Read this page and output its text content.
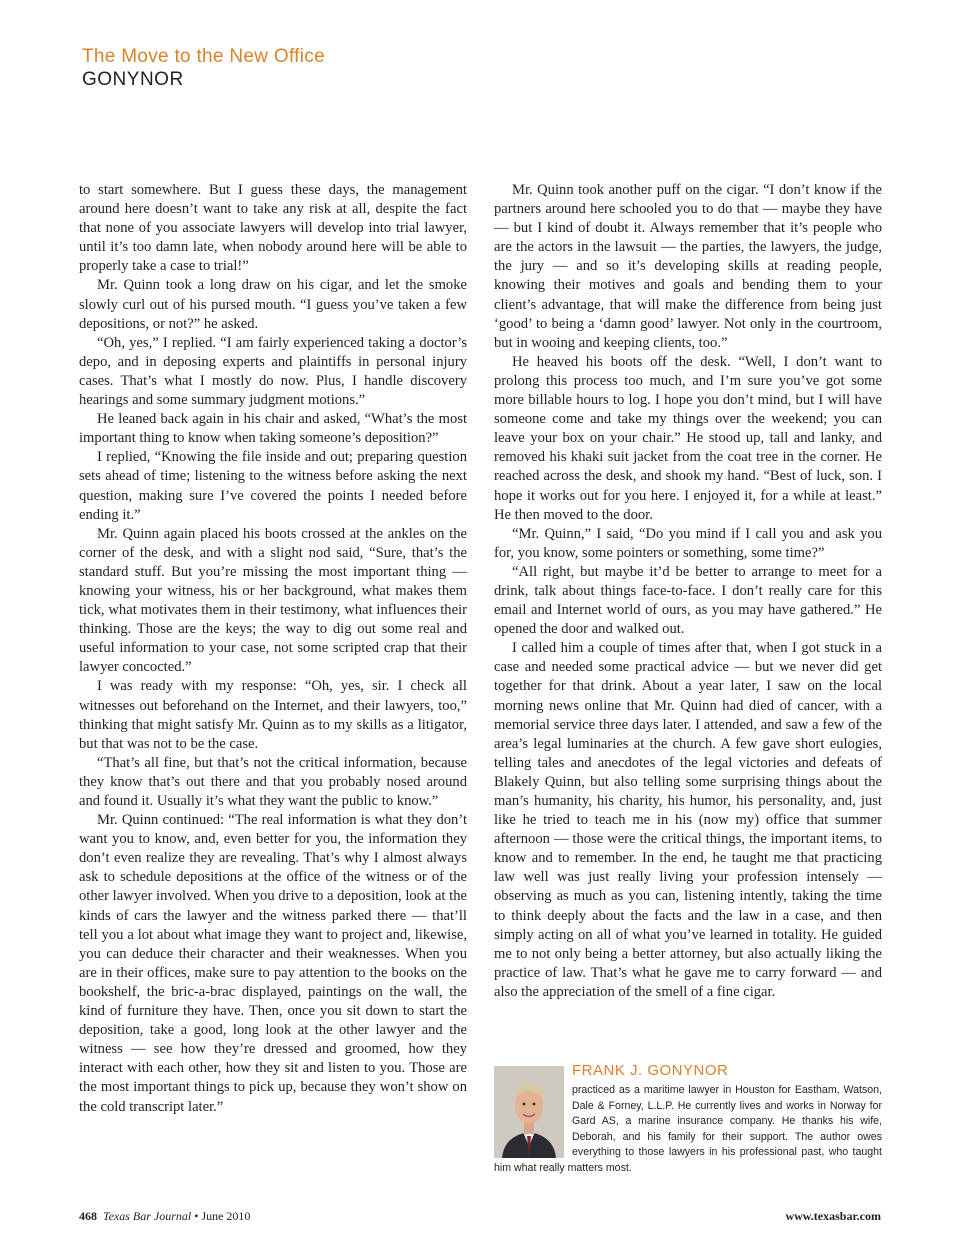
The Move to the New Office
GONYNOR

to start somewhere. But I guess these days, the management around here doesn’t want to take any risk at all, despite the fact that none of you associate lawyers will develop into trial lawyer, until it’s too damn late, when nobody around here will be able to properly take a case to trial!”

Mr. Quinn took a long draw on his cigar, and let the smoke slowly curl out of his pursed mouth. “I guess you’ve taken a few depositions, or not?” he asked.

“Oh, yes,” I replied. “I am fairly experienced taking a doctor’s depo, and in deposing experts and plaintiffs in personal injury cases. That’s what I mostly do now. Plus, I handle discovery hearings and some summary judgment motions.”

He leaned back again in his chair and asked, “What’s the most important thing to know when taking someone’s deposition?”

I replied, “Knowing the file inside and out; preparing question sets ahead of time; listening to the witness before asking the next question, making sure I’ve covered the points I needed before ending it.”

Mr. Quinn again placed his boots crossed at the ankles on the corner of the desk, and with a slight nod said, “Sure, that’s the standard stuff. But you’re missing the most important thing — knowing your witness, his or her background, what makes them tick, what motivates them in their testimony, what influences their thinking. Those are the keys; the way to dig out some real and useful information to your case, not some scripted crap that their lawyer concocted.”

I was ready with my response: “Oh, yes, sir. I check all witnesses out beforehand on the Internet, and their lawyers, too,” thinking that might satisfy Mr. Quinn as to my skills as a litigator, but that was not to be the case.

“That’s all fine, but that’s not the critical information, because they know that’s out there and that you probably nosed around and found it. Usually it’s what they want the public to know.”

Mr. Quinn continued: “The real information is what they don’t want you to know, and, even better for you, the information they don’t even realize they are revealing. That’s why I almost always ask to schedule depositions at the office of the witness or of the other lawyer involved. When you drive to a deposition, look at the kinds of cars the lawyer and the witness parked there — that’ll tell you a lot about what image they want to project and, likewise, you can deduce their character and their weaknesses. When you are in their offices, make sure to pay attention to the books on the bookshelf, the bric-a-brac displayed, paintings on the wall, the kind of furniture they have. Then, once you sit down to start the deposition, take a good, long look at the other lawyer and the witness — see how they’re dressed and groomed, how they interact with each other, how they sit and listen to you. Those are the most important things to pick up, because they won’t show on the cold transcript later.”

Mr. Quinn took another puff on the cigar. “I don’t know if the partners around here schooled you to do that — maybe they have — but I kind of doubt it. Always remember that it’s people who are the actors in the lawsuit — the parties, the lawyers, the judge, the jury — and so it’s developing skills at reading people, knowing their motives and goals and bending them to your client’s advantage, that will make the difference from being just ‘good’ to being a ‘damn good’ lawyer. Not only in the courtroom, but in wooing and keeping clients, too.”

He heaved his boots off the desk. “Well, I don’t want to prolong this process too much, and I’m sure you’ve got some more billable hours to log. I hope you don’t mind, but I will have someone come and take my things over the weekend; you can leave your box on your chair.” He stood up, tall and lanky, and removed his khaki suit jacket from the coat tree in the corner. He reached across the desk, and shook my hand. “Best of luck, son. I hope it works out for you here. I enjoyed it, for a while at least.” He then moved to the door.

“Mr. Quinn,” I said, “Do you mind if I call you and ask you for, you know, some pointers or something, some time?”

“All right, but maybe it’d be better to arrange to meet for a drink, talk about things face-to-face. I don’t really care for this email and Internet world of ours, as you may have gathered.” He opened the door and walked out.

I called him a couple of times after that, when I got stuck in a case and needed some practical advice — but we never did get together for that drink. About a year later, I saw on the local morning news online that Mr. Quinn had died of cancer, with a memorial service three days later. I attended, and saw a few of the area’s legal luminaries at the church. A few gave short eulogies, telling tales and anecdotes of the legal victories and defeats of Blakely Quinn, but also telling some surprising things about the man’s humanity, his charity, his humor, his personality, and, just like he tried to teach me in his (now my) office that summer afternoon — those were the critical things, the important items, to know and to remember. In the end, he taught me that practicing law well was just really living your profession intensely — observing as much as you can, listening intently, taking the time to think deeply about the facts and the law in a case, and then simply acting on all of what you’ve learned in totality. He guided me to not only being a better attorney, but also actually liking the practice of law. That’s what he gave me to carry forward — and also the appreciation of the smell of a fine cigar.

FRANK J. GONYNOR

practiced as a maritime lawyer in Houston for Eastham, Watson, Dale & Forney, L.L.P. He currently lives and works in Norway for Gard AS, a marine insurance company. He thanks his wife, Deborah, and his family for their support. The author owes everything to those lawyers in his professional past, who taught him what really matters most.

468 Texas Bar Journal • June 2010	www.texasbar.com
